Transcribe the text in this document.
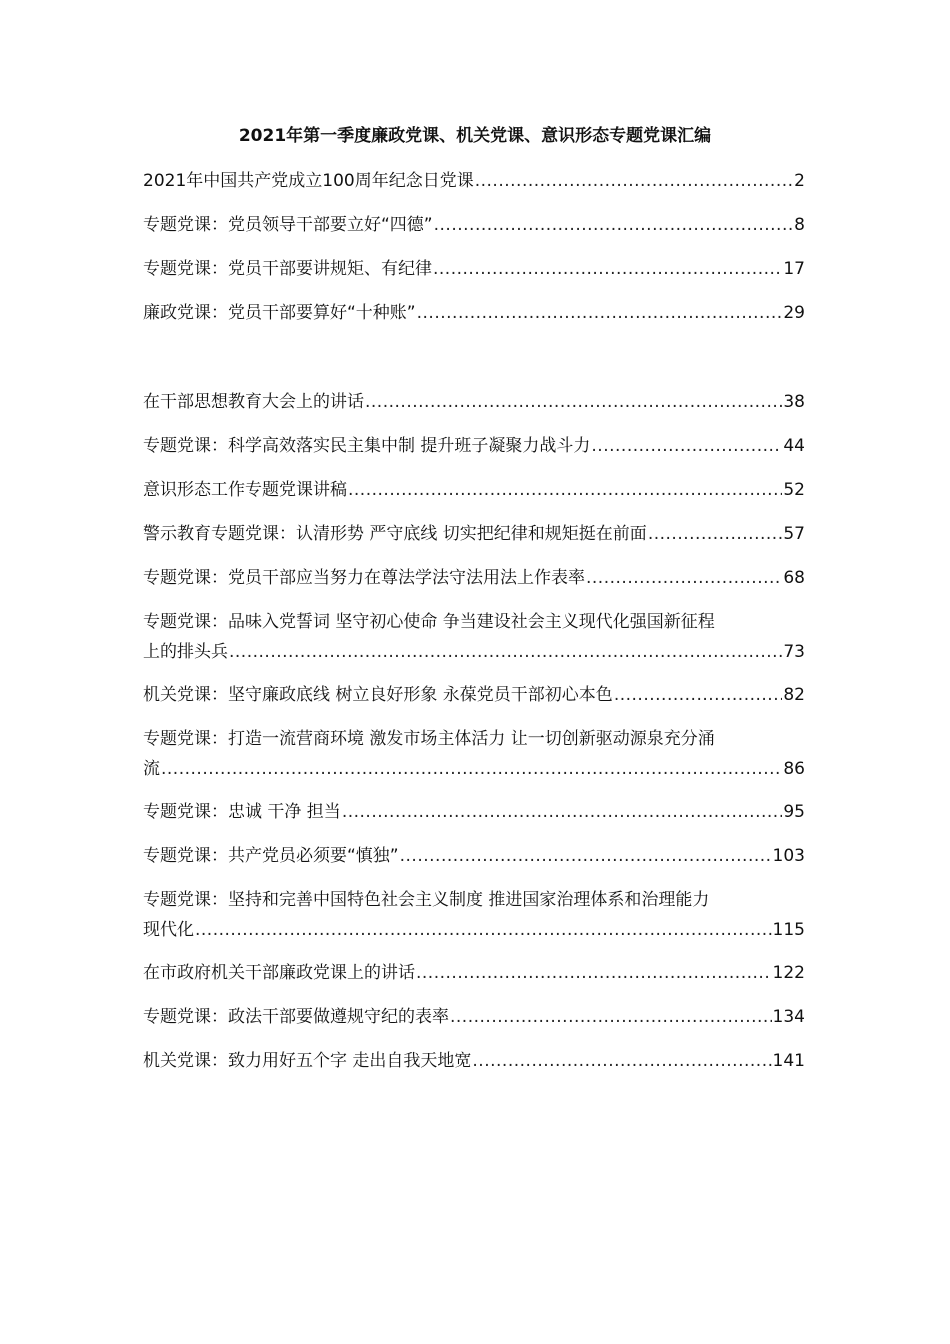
2021年第一季度廉政党课、机关党课、意识形态专题党课汇编
2021年中国共产党成立100周年纪念日党课 .....	2
专题党课：党员领导干部要立好“四德” .....	8
专题党课：党员干部要讲规矩、有纪律 .....	17
廉政党课：党员干部要算好“十种账” .....	29
在干部思想教育大会上的讲话 .....	38
专题党课：科学高效落实民主集中制 提升班子凝聚力战斗力 .....	44
意识形态工作专题党课讲稿 .....	52
警示教育专题党课：认清形势 严守底线 切实把纪律和规矩挺在前面 .....	57
专题党课：党员干部应当努力在尊法学法守法用法上作表率 .....	68
专题党课：品味入党誓词 坚守初心使命 争当建设社会主义现代化强国新征程
上的排头兵 .....	73
机关党课：坚守廉政底线 树立良好形象 永葆党员干部初心本色 .....	82
专题党课：打造一流营商环境 激发市场主体活力 让一切创新驱动源泉充分涌
流 .....	86
专题党课：忠诚 干净 担当 .....	95
专题党课：共产党员必须要“慎独” .....	103
专题党课：坚持和完善中国特色社会主义制度 推进国家治理体系和治理能力
现代化 .....	115
在市政府机关干部廉政党课上的讲话 .....	122
专题党课：政法干部要做遵规守纪的表率 .....	134
机关党课：致力用好五个字 走出自我天地宽 .....	141
